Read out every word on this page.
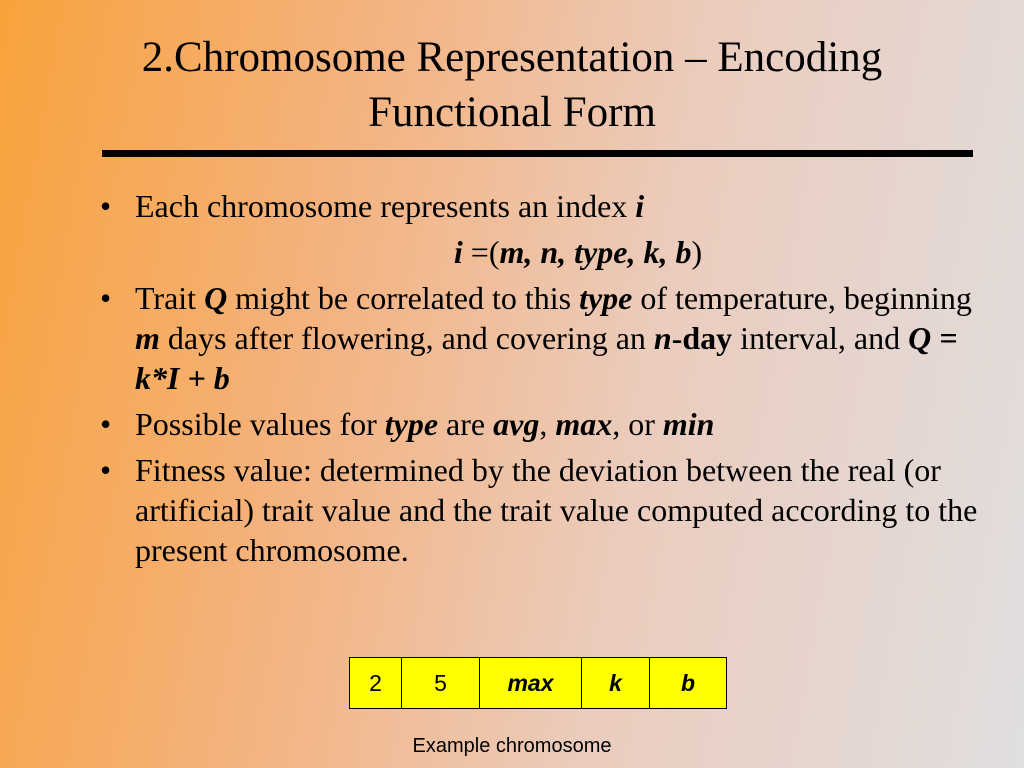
2.Chromosome Representation – Encoding
Functional Form
• Each chromosome represents an index i
i =(m, n, type, k, b)
• Trait Q might be correlated to this type of temperature, beginning m days after flowering, and covering an n-day interval, and Q = k*I + b
• Possible values for type are avg, max, or min
• Fitness value: determined by the deviation between the real (or artificial) trait value and the trait value computed according to the present chromosome.
2	5	max	k	b
Example chromosome
